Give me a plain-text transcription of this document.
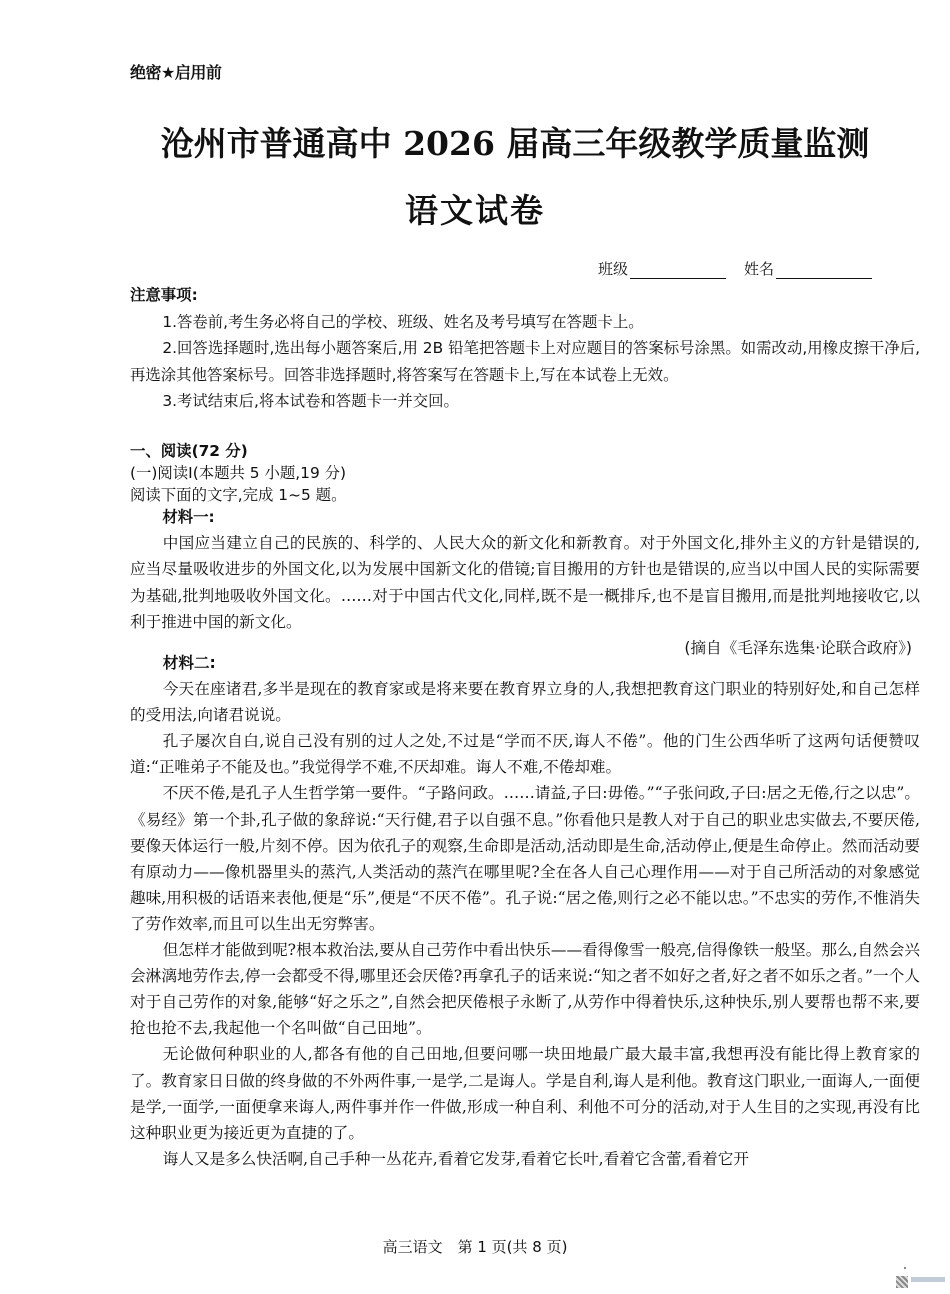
绝密★启用前
沧州市普通高中 2026 届高三年级教学质量监测
语文试卷
班级	姓名

注意事项:

1.答卷前,考生务必将自己的学校、班级、姓名及考号填写在答题卡上。

2.回答选择题时,选出每小题答案后,用 2B 铅笔把答题卡上对应题目的答案标号涂黑。如需改动,用橡皮擦干净后,再选涂其他答案标号。回答非选择题时,将答案写在答题卡上,写在本试卷上无效。

3.考试结束后,将本试卷和答题卡一并交回。

一、阅读(72 分)

(一)阅读Ⅰ(本题共 5 小题,19 分)

阅读下面的文字,完成 1~5 题。

材料一:

中国应当建立自己的民族的、科学的、人民大众的新文化和新教育。对于外国文化,排外主义的方针是错误的,应当尽量吸收进步的外国文化,以为发展中国新文化的借镜;盲目搬用的方针也是错误的,应当以中国人民的实际需要为基础,批判地吸收外国文化。……对于中国古代文化,同样,既不是一概排斥,也不是盲目搬用,而是批判地接收它,以利于推进中国的新文化。

(摘自《毛泽东选集·论联合政府》)

材料二:

今天在座诸君,多半是现在的教育家或是将来要在教育界立身的人,我想把教育这门职业的特别好处,和自己怎样的受用法,向诸君说说。

孔子屡次自白,说自己没有别的过人之处,不过是“学而不厌,诲人不倦”。他的门生公西华听了这两句话便赞叹道:“正唯弟子不能及也。”我觉得学不难,不厌却难。诲人不难,不倦却难。

不厌不倦,是孔子人生哲学第一要件。“子路问政。……请益,子曰:毋倦。”“子张问政,子曰:居之无倦,行之以忠”。《易经》第一个卦,孔子做的象辞说:“天行健,君子以自强不息。”你看他只是教人对于自己的职业忠实做去,不要厌倦,要像天体运行一般,片刻不停。因为依孔子的观察,生命即是活动,活动即是生命,活动停止,便是生命停止。然而活动要有原动力——像机器里头的蒸汽,人类活动的蒸汽在哪里呢?全在各人自己心理作用——对于自己所活动的对象感觉趣味,用积极的话语来表他,便是“乐”,便是“不厌不倦”。孔子说:“居之倦,则行之必不能以忠。”不忠实的劳作,不惟消失了劳作效率,而且可以生出无穷弊害。

但怎样才能做到呢?根本救治法,要从自己劳作中看出快乐——看得像雪一般亮,信得像铁一般坚。那么,自然会兴会淋漓地劳作去,停一会都受不得,哪里还会厌倦?再拿孔子的话来说:“知之者不如好之者,好之者不如乐之者。”一个人对于自己劳作的对象,能够“好之乐之”,自然会把厌倦根子永断了,从劳作中得着快乐,这种快乐,别人要帮也帮不来,要抢也抢不去,我起他一个名叫做“自己田地”。

无论做何种职业的人,都各有他的自己田地,但要问哪一块田地最广最大最丰富,我想再没有能比得上教育家的了。教育家日日做的终身做的不外两件事,一是学,二是诲人。学是自利,诲人是利他。教育这门职业,一面诲人,一面便是学,一面学,一面便拿来诲人,两件事并作一件做,形成一种自利、利他不可分的活动,对于人生目的之实现,再没有比这种职业更为接近更为直捷的了。

诲人又是多么快活啊,自己手种一丛花卉,看着它发芽,看着它长叶,看着它含蕾,看着它开

高三语文　第 1 页(共 8 页)
